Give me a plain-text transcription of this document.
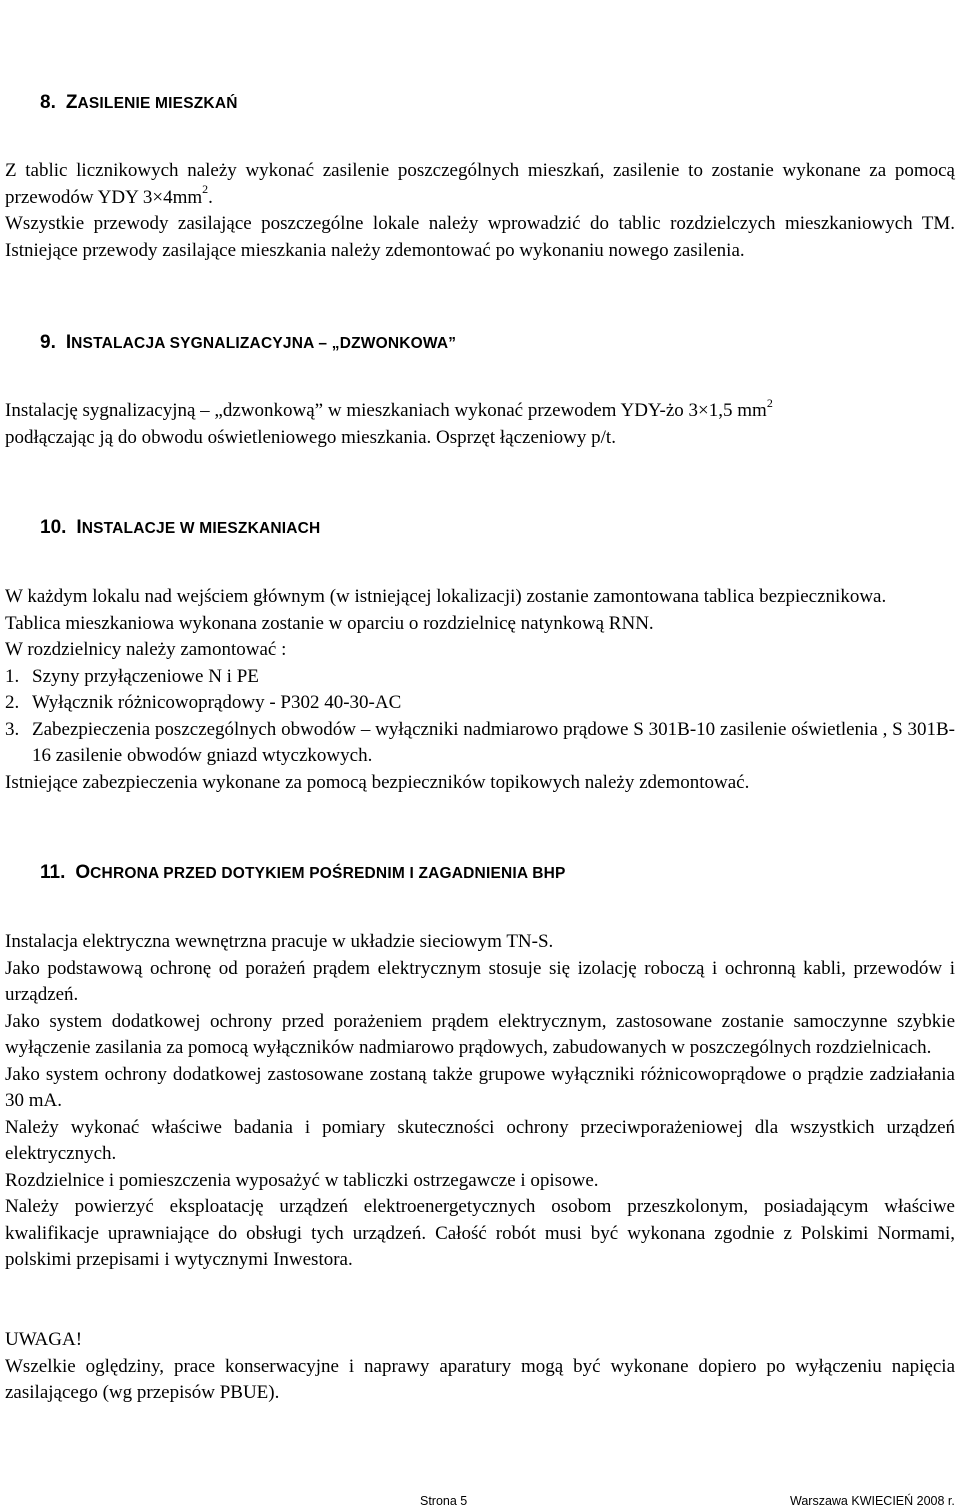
8. ZASILENIE MIESZKAŃ

Z tablic licznikowych należy wykonać zasilenie poszczególnych mieszkań, zasilenie to zostanie wykonane za pomocą przewodów YDY $3\times 4mm^2$.

Wszystkie przewody zasilające poszczególne lokale należy wprowadzić do tablic rozdzielczych mieszkaniowych TM. Istniejące przewody zasilające mieszkania należy zdemontować po wykonaniu nowego zasilenia.

9. INSTALACJA SYGNALIZACYJNA – „DZWONKOWA”

Instalację sygnalizacyjną – „dzwonkową” w mieszkaniach wykonać przewodem YDY-żo 3×1,5 $mm^2$

podłączając ją do obwodu oświetleniowego mieszkania. Osprzęt łączeniowy p/t.

10. INSTALACJE W MIESZKANIACH

W każdym lokalu nad wejściem głównym (w istniejącej lokalizacji) zostanie zamontowana tablica bezpiecznikowa.

Tablica mieszkaniowa wykonana zostanie w oparciu o rozdzielnicę natynkową RNN.

W rozdzielnicy należy zamontować :

1. Szyny przyłączeniowe N i PE
2. Wyłącznik różnicowoprądowy - P302 40-30-AC
3. Zabezpieczenia poszczególnych obwodów – wyłączniki nadmiarowo prądowe S 301B-10 zasilenie oświetlenia , S 301B-16 zasilenie obwodów gniazd wtyczkowych.

Istniejące zabezpieczenia wykonane za pomocą bezpieczników topikowych należy zdemontować.

11. OCHRONA PRZED DOTYKIEM POŚREDNIM I ZAGADNIENIA BHP

Instalacja elektryczna wewnętrzna pracuje w układzie sieciowym TN-S.

Jako podstawową ochronę od porażeń prądem elektrycznym stosuje się izolację roboczą i ochronną kabli, przewodów i urządzeń.

Jako system dodatkowej ochrony przed porażeniem prądem elektrycznym, zastosowane zostanie samoczynne szybkie wyłączenie zasilania za pomocą wyłączników nadmiarowo prądowych, zabudowanych w poszczególnych rozdzielnicach.

Jako system ochrony dodatkowej zastosowane zostaną także grupowe wyłączniki różnicowoprądowe o prądzie zadziałania 30 mA.

Należy wykonać właściwe badania i pomiary skuteczności ochrony przeciwporażeniowej dla wszystkich urządzeń elektrycznych.

Rozdzielnice i pomieszczenia wyposażyć w tabliczki ostrzegawcze i opisowe.

Należy powierzyć eksploatację urządzeń elektroenergetycznych osobom przeszkolonym, posiadającym właściwe kwalifikacje uprawniające do obsługi tych urządzeń. Całość robót musi być wykonana zgodnie z Polskimi Normami, polskimi przepisami i wytycznymi Inwestora.

UWAGA!

Wszelkie oględziny, prace konserwacyjne i naprawy aparatury mogą być wykonane dopiero po wyłączeniu napięcia zasilającego (wg przepisów PBUE).

Strona 5	Warszawa KWIECIEŃ 2008 r.
